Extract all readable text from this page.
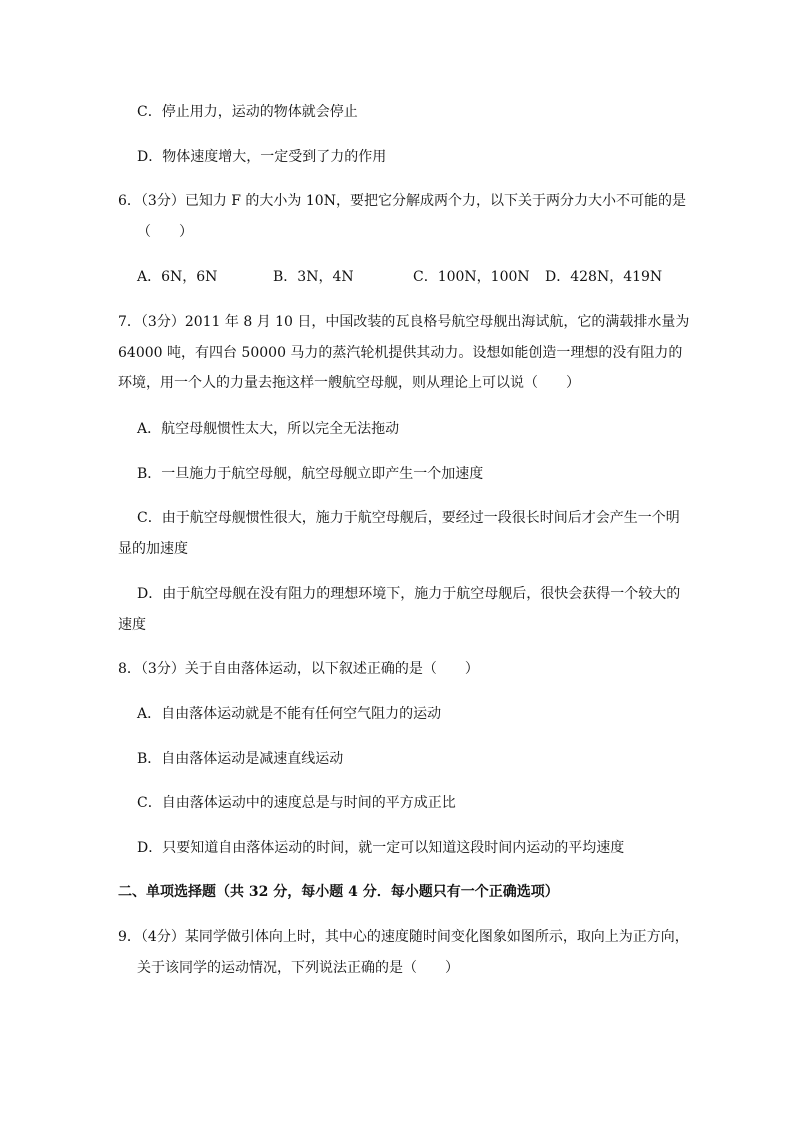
C．停止用力，运动的物体就会停止
D．物体速度增大，一定受到了力的作用
6．（3分）已知力 F 的大小为 10N，要把它分解成两个力，以下关于两分力大小不可能的是
（　　）
A．6N，6N	B．3N，4N	C．100N，100N D．428N，419N
7．（3分）2011 年 8 月 10 日，中国改装的瓦良格号航空母舰出海试航，它的满载排水量为
64000 吨，有四台 50000 马力的蒸汽轮机提供其动力。设想如能创造一理想的没有阻力的
环境，用一个人的力量去拖这样一艘航空母舰，则从理论上可以说（　　）
A．航空母舰惯性太大，所以完全无法拖动
B．一旦施力于航空母舰，航空母舰立即产生一个加速度
C．由于航空母舰惯性很大，施力于航空母舰后，要经过一段很长时间后才会产生一个明
显的加速度
D．由于航空母舰在没有阻力的理想环境下，施力于航空母舰后，很快会获得一个较大的
速度
8．（3分）关于自由落体运动，以下叙述正确的是（　　）
A．自由落体运动就是不能有任何空气阻力的运动
B．自由落体运动是减速直线运动
C．自由落体运动中的速度总是与时间的平方成正比
D．只要知道自由落体运动的时间，就一定可以知道这段时间内运动的平均速度
二、单项选择题（共 32 分，每小题 4 分．每小题只有一个正确选项）
9．（4分）某同学做引体向上时，其中心的速度随时间变化图象如图所示，取向上为正方向，
关于该同学的运动情况，下列说法正确的是（　　）
